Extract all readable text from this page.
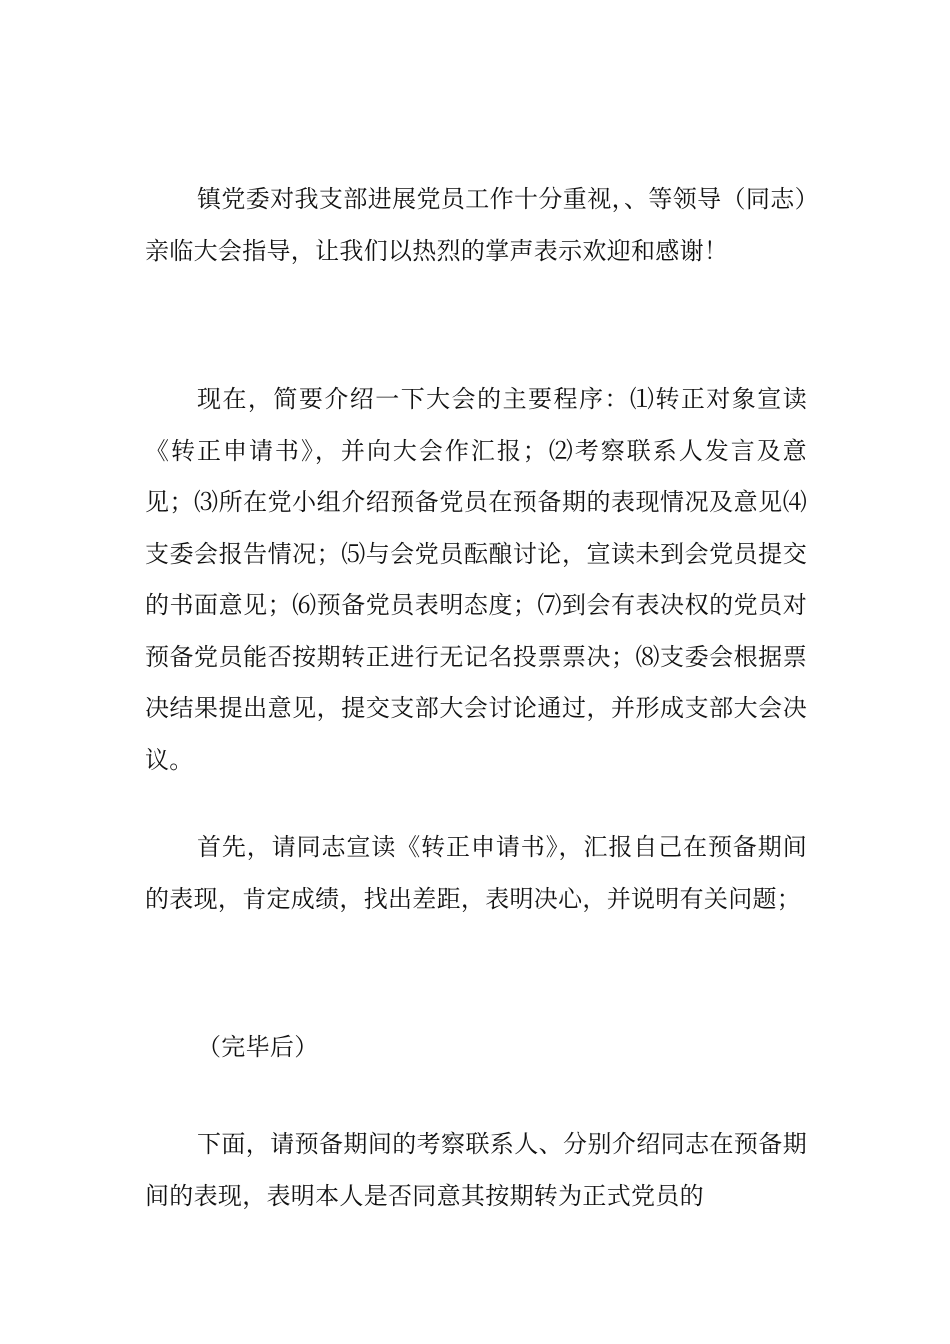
镇党委对我支部进展党员工作十分重视，、等领导（同志）亲临大会指导，让我们以热烈的掌声表示欢迎和感谢！

现在，简要介绍一下大会的主要程序：⑴转正对象宣读《转正申请书》，并向大会作汇报；⑵考察联系人发言及意见；⑶所在党小组介绍预备党员在预备期的表现情况及意见⑷支委会报告情况；⑸与会党员酝酿讨论，宣读未到会党员提交的书面意见；⑹预备党员表明态度；⑺到会有表决权的党员对预备党员能否按期转正进行无记名投票票决；⑻支委会根据票决结果提出意见，提交支部大会讨论通过，并形成支部大会决议。

首先，请同志宣读《转正申请书》，汇报自己在预备期间的表现，肯定成绩，找出差距，表明决心，并说明有关问题；

（完毕后）

下面，请预备期间的考察联系人、分别介绍同志在预备期间的表现，表明本人是否同意其按期转为正式党员的
